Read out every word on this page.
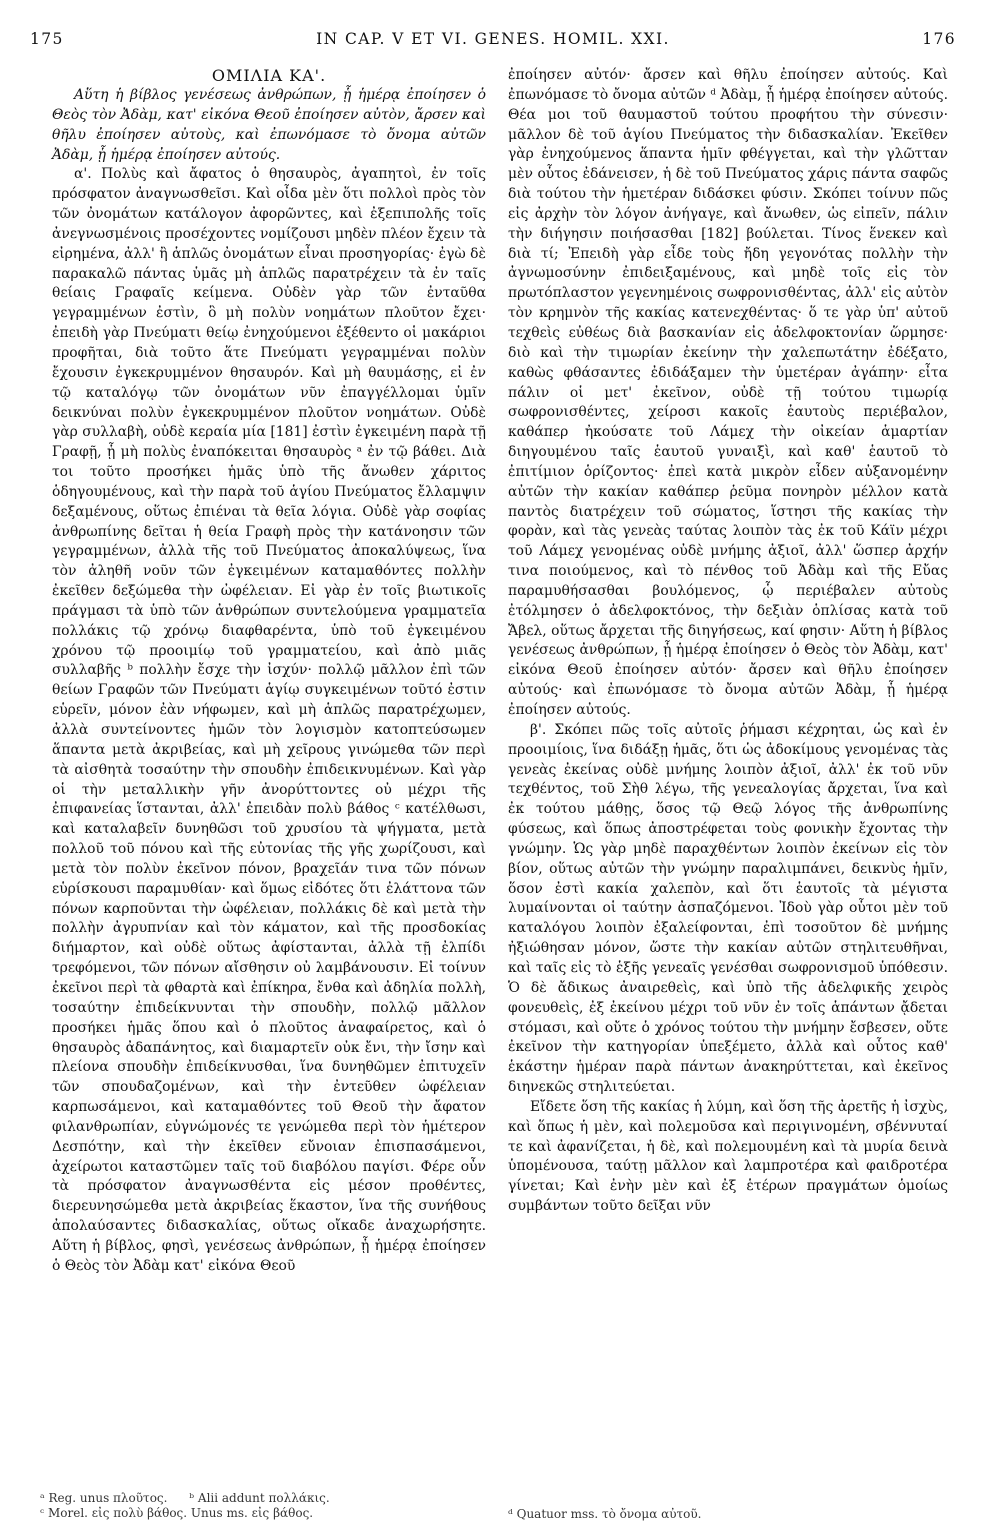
175	IN CAP. V ET VI. GENES. HOMIL. XXI.	176

ΟΜΙΛΙΑ ΚΑ'.

Αὕτη ἡ βίβλος γενέσεως ἀνθρώπων, ᾗ ἡμέρᾳ ἐποίησεν ὁ Θεὸς τὸν Ἀδὰμ, κατ' εἰκόνα Θεοῦ ἐποίησεν αὐτὸν, ἄρσεν καὶ θῆλυ ἐποίησεν αὐτοὺς, καὶ ἐπωνόμασε τὸ ὄνομα αὐτῶν Ἀδὰμ, ᾗ ἡμέρᾳ ἐποίησεν αὐτούς.

α'. Πολὺς καὶ ἄφατος ὁ θησαυρὸς, ἀγαπητοὶ, ἐν τοῖς πρόσφατον ἀναγνωσθεῖσι. Καὶ οἶδα μὲν ὅτι πολλοὶ πρὸς τὸν τῶν ὀνομάτων κατάλογον ἀφορῶντες, καὶ ἐξεπιπολῆς τοῖς ἀνεγνωσμένοις προσέχοντες νομίζουσι μηδὲν πλέον ἔχειν τὰ εἰρημένα, ἀλλ' ἢ ἁπλῶς ὀνομάτων εἶναι προσηγορίας· ἐγὼ δὲ παρακαλῶ πάντας ὑμᾶς μὴ ἁπλῶς παρατρέχειν τὰ ἐν ταῖς θείαις Γραφαῖς κείμενα. Οὐδὲν γὰρ τῶν ἐνταῦθα γεγραμμένων ἐστὶν, ὃ μὴ πολὺν νοημάτων πλοῦτον ἔχει· ἐπειδὴ γὰρ Πνεύματι θείῳ ἐνηχούμενοι ἐξέθεντο οἱ μακάριοι προφῆται, διὰ τοῦτο ἅτε Πνεύματι γεγραμμέναι πολὺν ἔχουσιν ἐγκεκρυμμένον θησαυρόν. Καὶ μὴ θαυμάσῃς, εἰ ἐν τῷ καταλόγῳ τῶν ὀνομάτων νῦν ἐπαγγέλλομαι ὑμῖν δεικνύναι πολὺν ἐγκεκρυμμένον πλοῦτον νοημάτων. Οὐδὲ γὰρ συλλαβὴ, οὐδὲ κεραία μία [181] ἐστὶν ἐγκειμένη παρὰ τῇ Γραφῇ, ᾗ μὴ πολὺς ἐναπόκειται θησαυρὸς ᵃ ἐν τῷ βάθει. Διὰ τοι τοῦτο προσήκει ἡμᾶς ὑπὸ τῆς ἄνωθεν χάριτος ὁδηγουμένους, καὶ τὴν παρὰ τοῦ ἁγίου Πνεύματος ἔλλαμψιν δεξαμένους, οὕτως ἐπιέναι τὰ θεῖα λόγια. Οὐδὲ γὰρ σοφίας ἀνθρωπίνης δεῖται ἡ θεία Γραφὴ πρὸς τὴν κατάνοησιν τῶν γεγραμμένων, ἀλλὰ τῆς τοῦ Πνεύματος ἀποκαλύψεως, ἵνα τὸν ἀληθῆ νοῦν τῶν ἐγκειμένων καταμαθόντες πολλὴν ἐκεῖθεν δεξώμεθα τὴν ὠφέλειαν. Εἰ γὰρ ἐν τοῖς βιωτικοῖς πράγμασι τὰ ὑπὸ τῶν ἀνθρώπων συντελούμενα γραμματεῖα πολλάκις τῷ χρόνῳ διαφθαρέντα, ὑπὸ τοῦ ἐγκειμένου χρόνου τῷ προοιμίῳ τοῦ γραμματείου, καὶ ἀπὸ μιᾶς συλλαβῆς ᵇ πολλὴν ἔσχε τὴν ἰσχύν· πολλῷ μᾶλλον ἐπὶ τῶν θείων Γραφῶν τῶν Πνεύματι ἁγίῳ συγκειμένων τοῦτό ἐστιν εὑρεῖν, μόνον ἐὰν νήφωμεν, καὶ μὴ ἁπλῶς παρατρέχωμεν, ἀλλὰ συντείνοντες ἡμῶν τὸν λογισμὸν κατοπτεύσωμεν ἅπαντα μετὰ ἀκριβείας, καὶ μὴ χεῖρους γινώμεθα τῶν περὶ τὰ αἰσθητὰ τοσαύτην τὴν σπουδὴν ἐπιδεικνυμένων. Καὶ γὰρ οἱ τὴν μεταλλικὴν γῆν ἀνορύττοντες οὐ μέχρι τῆς ἐπιφανείας ἵστανται, ἀλλ' ἐπειδὰν πολὺ βάθος ᶜ κατέλθωσι, καὶ καταλαβεῖν δυνηθῶσι τοῦ χρυσίου τὰ ψήγματα, μετὰ πολλοῦ τοῦ πόνου καὶ τῆς εὐτονίας τῆς γῆς χωρίζουσι, καὶ μετὰ τὸν πολὺν ἐκεῖνον πόνον, βραχεῖάν τινα τῶν πόνων εὑρίσκουσι παραμυθίαν· καὶ ὅμως εἰδότες ὅτι ἐλάττονα τῶν πόνων καρποῦνται τὴν ὠφέλειαν, πολλάκις δὲ καὶ μετὰ τὴν πολλὴν ἀγρυπνίαν καὶ τὸν κάματον, καὶ τῆς προσδοκίας διήμαρτον, καὶ οὐδὲ οὕτως ἀφίστανται, ἀλλὰ τῇ ἐλπίδι τρεφόμενοι, τῶν πόνων αἴσθησιν οὐ λαμβάνουσιν. Εἰ τοίνυν ἐκεῖνοι περὶ τὰ φθαρτὰ καὶ ἐπίκηρα, ἔνθα καὶ ἀδηλία πολλὴ, τοσαύτην ἐπιδείκνυνται τὴν σπουδὴν, πολλῷ μᾶλλον προσήκει ἡμᾶς ὅπου καὶ ὁ πλοῦτος ἀναφαίρετος, καὶ ὁ θησαυρὸς ἀδαπάνητος, καὶ διαμαρτεῖν οὐκ ἔνι, τὴν ἴσην καὶ πλείονα σπουδὴν ἐπιδείκνυσθαι, ἵνα δυνηθῶμεν ἐπιτυχεῖν τῶν σπουδαζομένων, καὶ τὴν ἐντεῦθεν ὠφέλειαν καρπωσάμενοι, καὶ καταμαθόντες τοῦ Θεοῦ τὴν ἄφατον φιλανθρωπίαν, εὐγνώμονές τε γενώμεθα περὶ τὸν ἡμέτερον Δεσπότην, καὶ τὴν ἐκεῖθεν εὔνοιαν ἐπισπασάμενοι, ἀχείρωτοι καταστῶμεν ταῖς τοῦ διαβόλου παγίσι. Φέρε οὖν τὰ πρόσφατον ἀναγνωσθέντα εἰς μέσον προθέντες, διερευνησώμεθα μετὰ ἀκριβείας ἕκαστον, ἵνα τῆς συνήθους ἀπολαύσαντες διδασκαλίας, οὕτως οἴκαδε ἀναχωρήσητε. Αὕτη ἡ βίβλος, φησὶ, γενέσεως ἀνθρώπων, ᾗ ἡμέρᾳ ἐποίησεν ὁ Θεὸς τὸν Ἀδὰμ κατ' εἰκόνα Θεοῦ

ἐποίησεν αὐτόν· ἄρσεν καὶ θῆλυ ἐποίησεν αὐτούς. Καὶ ἐπωνόμασε τὸ ὄνομα αὐτῶν ᵈ Ἀδὰμ, ᾗ ἡμέρᾳ ἐποίησεν αὐτούς. Θέα μοι τοῦ θαυμαστοῦ τούτου προφήτου τὴν σύνεσιν· μᾶλλον δὲ τοῦ ἁγίου Πνεύματος τὴν διδασκαλίαν. Ἐκεῖθεν γὰρ ἐνηχούμενος ἅπαντα ἡμῖν φθέγγεται, καὶ τὴν γλῶτταν μὲν οὗτος ἐδάνεισεν, ἡ δὲ τοῦ Πνεύματος χάρις πάντα σαφῶς διὰ τούτου τὴν ἡμετέραν διδάσκει φύσιν. Σκόπει τοίνυν πῶς εἰς ἀρχὴν τὸν λόγον ἀνήγαγε, καὶ ἄνωθεν, ὡς εἰπεῖν, πάλιν τὴν διήγησιν ποιήσασθαι [182] βούλεται. Τίνος ἕνεκεν καὶ διὰ τί; Ἐπειδὴ γὰρ εἶδε τοὺς ἤδη γεγονότας πολλὴν τὴν ἀγνωμοσύνην ἐπιδειξαμένους, καὶ μηδὲ τοῖς εἰς τὸν πρωτόπλαστον γεγενημένοις σωφρονισθέντας, ἀλλ' εἰς αὐτὸν τὸν κρημνὸν τῆς κακίας κατενεχθέντας· ὅ τε γὰρ ὑπ' αὐτοῦ τεχθεὶς εὐθέως διὰ βασκανίαν εἰς ἀδελφοκτονίαν ὥρμησε· διὸ καὶ τὴν τιμωρίαν ἐκείνην τὴν χαλεπωτάτην ἐδέξατο, καθὼς φθάσαντες ἐδιδάξαμεν τὴν ὑμετέραν ἀγάπην· εἶτα πάλιν οἱ μετ' ἐκεῖνον, οὐδὲ τῇ τούτου τιμωρίᾳ σωφρονισθέντες, χείροσι κακοῖς ἑαυτοὺς περιέβαλον, καθάπερ ἠκούσατε τοῦ Λάμεχ τὴν οἰκείαν ἁμαρτίαν διηγουμένου ταῖς ἑαυτοῦ γυναιξὶ, καὶ καθ' ἑαυτοῦ τὸ ἐπιτίμιον ὁρίζοντος· ἐπεὶ κατὰ μικρὸν εἶδεν αὐξανομένην αὐτῶν τὴν κακίαν καθάπερ ῥεῦμα πονηρὸν μέλλον κατὰ παντὸς διατρέχειν τοῦ σώματος, ἵστησι τῆς κακίας τὴν φορὰν, καὶ τὰς γενεὰς ταύτας λοιπὸν τὰς ἐκ τοῦ Κάϊν μέχρι τοῦ Λάμεχ γενομένας οὐδὲ μνήμης ἀξιοῖ, ἀλλ' ὥσπερ ἀρχήν τινα ποιούμενος, καὶ τὸ πένθος τοῦ Ἀδὰμ καὶ τῆς Εὔας παραμυθήσασθαι βουλόμενος, ᾧ περιέβαλεν αὐτοὺς ἐτόλμησεν ὁ ἀδελφοκτόνος, τὴν δεξιὰν ὁπλίσας κατὰ τοῦ Ἄβελ, οὕτως ἄρχεται τῆς διηγήσεως, καί φησιν· Αὕτη ἡ βίβλος γενέσεως ἀνθρώπων, ᾗ ἡμέρᾳ ἐποίησεν ὁ Θεὸς τὸν Ἀδὰμ, κατ' εἰκόνα Θεοῦ ἐποίησεν αὐτόν· ἄρσεν καὶ θῆλυ ἐποίησεν αὐτούς· καὶ ἐπωνόμασε τὸ ὄνομα αὐτῶν Ἀδὰμ, ᾗ ἡμέρᾳ ἐποίησεν αὐτούς.

β'. Σκόπει πῶς τοῖς αὐτοῖς ῥήμασι κέχρηται, ὡς καὶ ἐν προοιμίοις, ἵνα διδάξῃ ἡμᾶς, ὅτι ὡς ἀδοκίμους γενομένας τὰς γενεὰς ἐκείνας οὐδὲ μνήμης λοιπὸν ἀξιοῖ, ἀλλ' ἐκ τοῦ νῦν τεχθέντος, τοῦ Σὴθ λέγω, τῆς γενεαλογίας ἄρχεται, ἵνα καὶ ἐκ τούτου μάθῃς, ὅσος τῷ Θεῷ λόγος τῆς ἀνθρωπίνης φύσεως, καὶ ὅπως ἀποστρέφεται τοὺς φονικὴν ἔχοντας τὴν γνώμην. Ὡς γὰρ μηδὲ παραχθέντων λοιπὸν ἐκείνων εἰς τὸν βίον, οὕτως αὐτῶν τὴν γνώμην παραλιμπάνει, δεικνὺς ἡμῖν, ὅσον ἐστὶ κακία χαλεπὸν, καὶ ὅτι ἑαυτοῖς τὰ μέγιστα λυμαίνονται οἱ ταύτην ἀσπαζόμενοι. Ἰδοὺ γὰρ οὗτοι μὲν τοῦ καταλόγου λοιπὸν ἐξαλείφονται, ἐπὶ τοσοῦτον δὲ μνήμης ἠξιώθησαν μόνον, ὥστε τὴν κακίαν αὐτῶν στηλιτευθῆναι, καὶ ταῖς εἰς τὸ ἑξῆς γενεαῖς γενέσθαι σωφρονισμοῦ ὑπόθεσιν. Ὁ δὲ ἄδικως ἀναιρεθεὶς, καὶ ὑπὸ τῆς ἀδελφικῆς χειρὸς φονευθεὶς, ἐξ ἐκείνου μέχρι τοῦ νῦν ἐν τοῖς ἁπάντων ᾄδεται στόμασι, καὶ οὔτε ὁ χρόνος τούτου τὴν μνήμην ἔσβεσεν, οὔτε ἐκεῖνον τὴν κατηγορίαν ὑπεξέμετο, ἀλλὰ καὶ οὗτος καθ' ἑκάστην ἡμέραν παρὰ πάντων ἀνακηρύττεται, καὶ ἐκεῖνος διηνεκῶς στηλιτεύεται.

Εἴδετε ὅση τῆς κακίας ἡ λύμη, καὶ ὅση τῆς ἀρετῆς ἡ ἰσχὺς, καὶ ὅπως ἡ μὲν, καὶ πολεμοῦσα καὶ περιγινομένη, σβέννυταί τε καὶ ἀφανίζεται, ἡ δὲ, καὶ πολεμουμένη καὶ τὰ μυρία δεινὰ ὑπομένουσα, ταύτῃ μᾶλλον καὶ λαμπροτέρα καὶ φαιδροτέρα γίνεται; Καὶ ἐνὴν μὲν καὶ ἐξ ἑτέρων πραγμάτων ὁμοίως συμβάντων τοῦτο δεῖξαι νῦν

ᵃ Reg. unus πλοῦτος. ᵇ Alii addunt πολλάκις.
ᶜ Morel. εἰς πολὺ βάθος. Unus ms. εἰς βάθος.	ᵈ Quatuor mss. τὸ ὄνομα αὐτοῦ.
